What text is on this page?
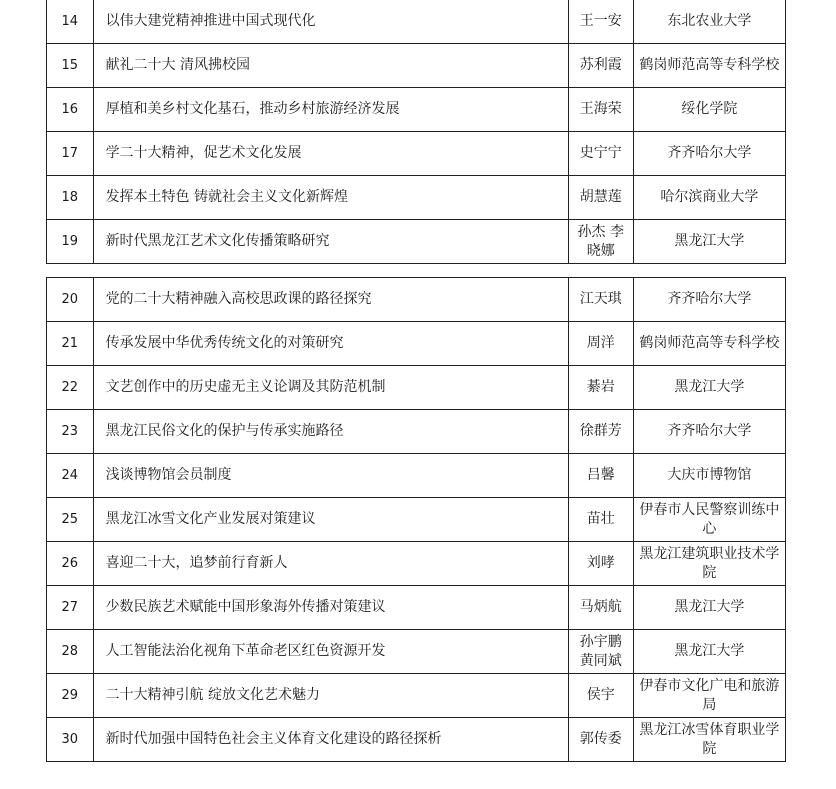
14	以伟大建党精神推进中国式现代化	王一安	东北农业大学
15	献礼二十大 清风拂校园	苏利霞	鹤岗师范高等专科学校
16	厚植和美乡村文化基石，推动乡村旅游经济发展	王海荣	绥化学院
17	学二十大精神，促艺术文化发展	史宁宁	齐齐哈尔大学
18	发挥本土特色 铸就社会主义文化新辉煌	胡慧莲	哈尔滨商业大学
19	新时代黑龙江艺术文化传播策略研究	孙杰 李晓娜	黑龙江大学
20	党的二十大精神融入高校思政课的路径探究	江天琪	齐齐哈尔大学
21	传承发展中华优秀传统文化的对策研究	周洋	鹤岗师范高等专科学校
22	文艺创作中的历史虚无主义论调及其防范机制	綦岩	黑龙江大学
23	黑龙江民俗文化的保护与传承实施路径	徐群芳	齐齐哈尔大学
24	浅谈博物馆会员制度	吕馨	大庆市博物馆
25	黑龙江冰雪文化产业发展对策建议	苗壮	伊春市人民警察训练中心
26	喜迎二十大，追梦前行育新人	刘哮	黑龙江建筑职业技术学院
27	少数民族艺术赋能中国形象海外传播对策建议	马炳航	黑龙江大学
28	人工智能法治化视角下革命老区红色资源开发	孙宇鹏 黄同斌	黑龙江大学
29	二十大精神引航 绽放文化艺术魅力	侯宇	伊春市文化广电和旅游局
30	新时代加强中国特色社会主义体育文化建设的路径探析	郭传委	黑龙江冰雪体育职业学院
